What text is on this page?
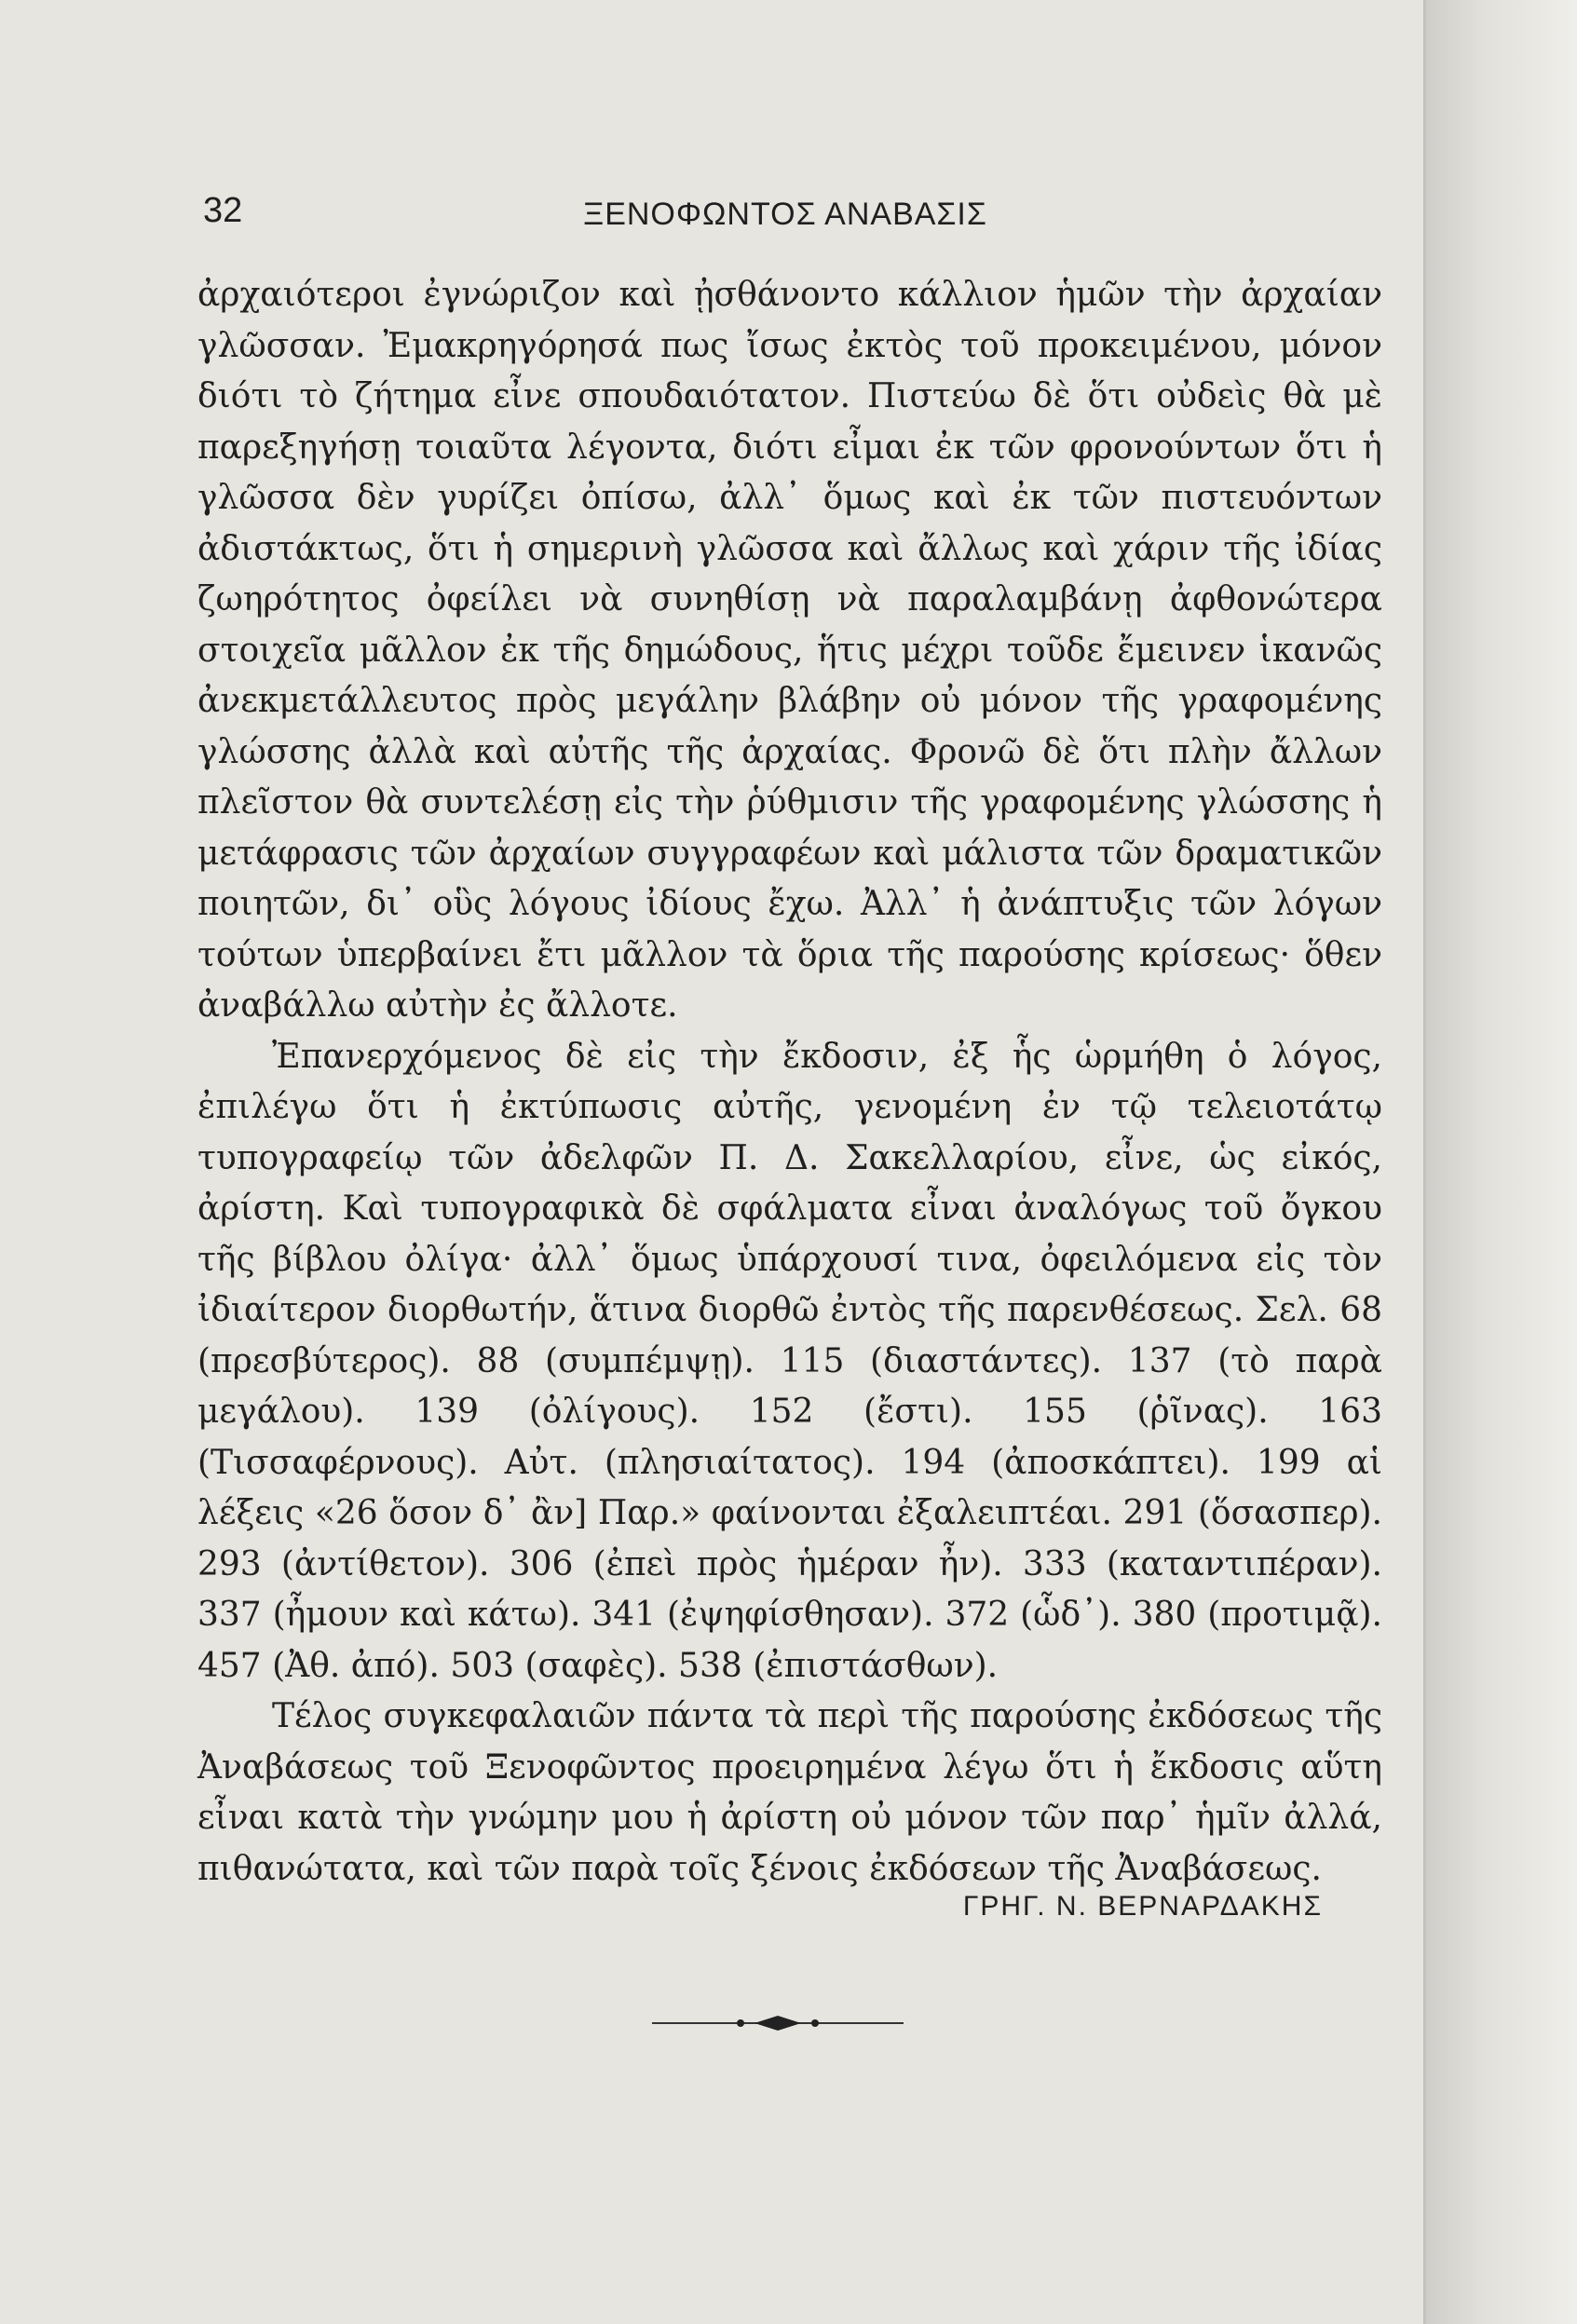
32	ΞΕΝΟΦΩΝΤΟΣ ΑΝΑΒΑΣΙΣ

ἀρχαιότεροι ἐγνώριζον καὶ ᾐσθάνοντο κάλλιον ἡμῶν τὴν ἀρχαίαν γλῶσσαν. Ἐμακρηγόρησά πως ἴσως ἐκτὸς τοῦ προκειμένου, μόνον διότι τὸ ζήτημα εἶνε σπουδαιότατον. Πιστεύω δὲ ὅτι οὐδεὶς θὰ μὲ παρεξηγήσῃ τοιαῦτα λέγοντα, διότι εἶμαι ἐκ τῶν φρονούντων ὅτι ἡ γλῶσσα δὲν γυρίζει ὀπίσω, ἀλλ᾽ ὅμως καὶ ἐκ τῶν πιστευόντων ἀδιστάκτως, ὅτι ἡ σημερινὴ γλῶσσα καὶ ἄλλως καὶ χάριν τῆς ἰδίας ζωηρότητος ὀφείλει νὰ συνηθίσῃ νὰ παραλαμβάνῃ ἀφθονώτερα στοιχεῖα μᾶλλον ἐκ τῆς δημώδους, ἥτις μέχρι τοῦδε ἔμεινεν ἱκανῶς ἀνεκμετάλλευτος πρὸς μεγάλην βλάβην οὐ μόνον τῆς γραφομένης γλώσσης ἀλλὰ καὶ αὐτῆς τῆς ἀρχαίας. Φρονῶ δὲ ὅτι πλὴν ἄλλων πλεῖστον θὰ συντελέσῃ εἰς τὴν ῥύθμισιν τῆς γραφομένης γλώσσης ἡ μετάφρασις τῶν ἀρχαίων συγγραφέων καὶ μάλιστα τῶν δραματικῶν ποιητῶν, δι᾽ οὓς λόγους ἰδίους ἔχω. Ἀλλ᾽ ἡ ἀνάπτυξις τῶν λόγων τούτων ὑπερβαίνει ἔτι μᾶλλον τὰ ὅρια τῆς παρούσης κρίσεως· ὅθεν ἀναβάλλω αὐτὴν ἐς ἄλλοτε.

Ἐπανερχόμενος δὲ εἰς τὴν ἔκδοσιν, ἐξ ἧς ὡρμήθη ὁ λόγος, ἐπιλέγω ὅτι ἡ ἐκτύπωσις αὐτῆς, γενομένη ἐν τῷ τελειοτάτῳ τυπογραφείῳ τῶν ἀδελφῶν Π. Δ. Σακελλαρίου, εἶνε, ὡς εἰκός, ἀρίστη. Καὶ τυπογραφικὰ δὲ σφάλματα εἶναι ἀναλόγως τοῦ ὄγκου τῆς βίβλου ὀλίγα· ἀλλ᾽ ὅμως ὑπάρχουσί τινα, ὀφειλόμενα εἰς τὸν ἰδιαίτερον διορθωτήν, ἅτινα διορθῶ ἐντὸς τῆς παρενθέσεως. Σελ. 68 (πρεσβύτερος). 88 (συμπέμψῃ). 115 (διαστάντες). 137 (τὸ παρὰ μεγάλου). 139 (ὀλίγους). 152 (ἔστι). 155 (ῥῖνας). 163 (Τισσαφέρνους). Αὐτ. (πλησιαίτατος). 194 (ἀποσκάπτει). 199 αἱ λέξεις «26 ὅσον δ᾽ ἂν] Παρ.» φαίνονται ἐξαλειπτέαι. 291 (ὅσασπερ). 293 (ἀντίθετον). 306 (ἐπεὶ πρὸς ἡμέραν ἦν). 333 (καταντιπέραν). 337 (ἦμουν καὶ κάτω). 341 (ἐψηφίσθησαν). 372 (ὧδ᾽). 380 (προτιμᾷ). 457 (Ἀθ. ἀπό). 503 (σαφὲς). 538 (ἐπιστάσθων).

Τέλος συγκεφαλαιῶν πάντα τὰ περὶ τῆς παρούσης ἐκδόσεως τῆς Ἀναβάσεως τοῦ Ξενοφῶντος προειρημένα λέγω ὅτι ἡ ἔκδοσις αὕτη εἶναι κατὰ τὴν γνώμην μου ἡ ἀρίστη οὐ μόνον τῶν παρ᾽ ἡμῖν ἀλλά, πιθανώτατα, καὶ τῶν παρὰ τοῖς ξένοις ἐκδόσεων τῆς Ἀναβάσεως.

ΓΡΗΓ. Ν. ΒΕΡΝΑΡΔΑΚΗΣ
